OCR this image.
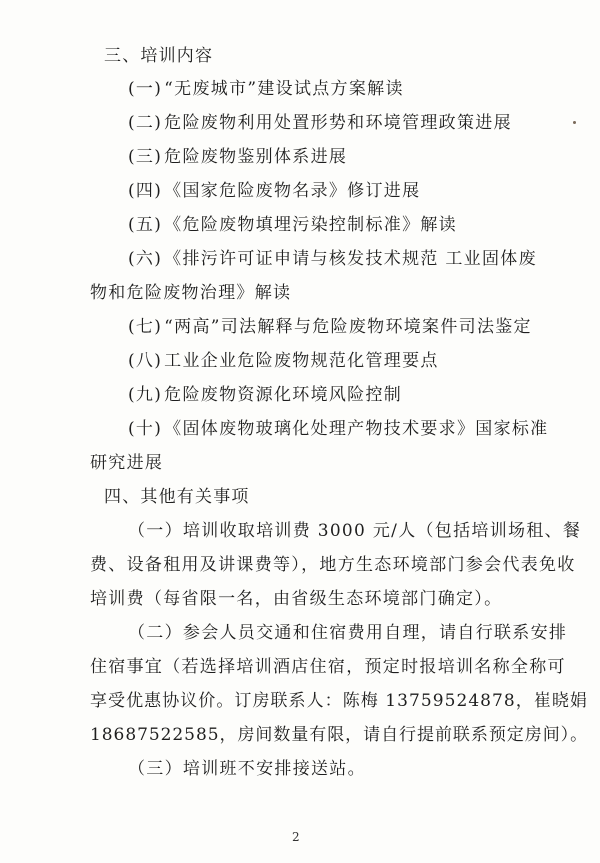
三、培训内容
(一) “无废城市”建设试点方案解读
(二) 危险废物利用处置形势和环境管理政策进展
(三) 危险废物鉴别体系进展
(四) 《国家危险废物名录》修订进展
(五) 《危险废物填埋污染控制标准》解读
(六) 《排污许可证申请与核发技术规范 工业固体废
物和危险废物治理》解读
(七) “两高”司法解释与危险废物环境案件司法鉴定
(八) 工业企业危险废物规范化管理要点
(九) 危险废物资源化环境风险控制
(十) 《固体废物玻璃化处理产物技术要求》国家标准
研究进展
四、其他有关事项
（一）培训收取培训费 3000 元/人（包括培训场租、餐
费、设备租用及讲课费等），地方生态环境部门参会代表免收
培训费（每省限一名，由省级生态环境部门确定）。
（二）参会人员交通和住宿费用自理，请自行联系安排
住宿事宜（若选择培训酒店住宿，预定时报培训名称全称可
享受优惠协议价。订房联系人：陈梅 13759524878，崔晓娟
18687522585，房间数量有限，请自行提前联系预定房间）。
（三）培训班不安排接送站。
2
